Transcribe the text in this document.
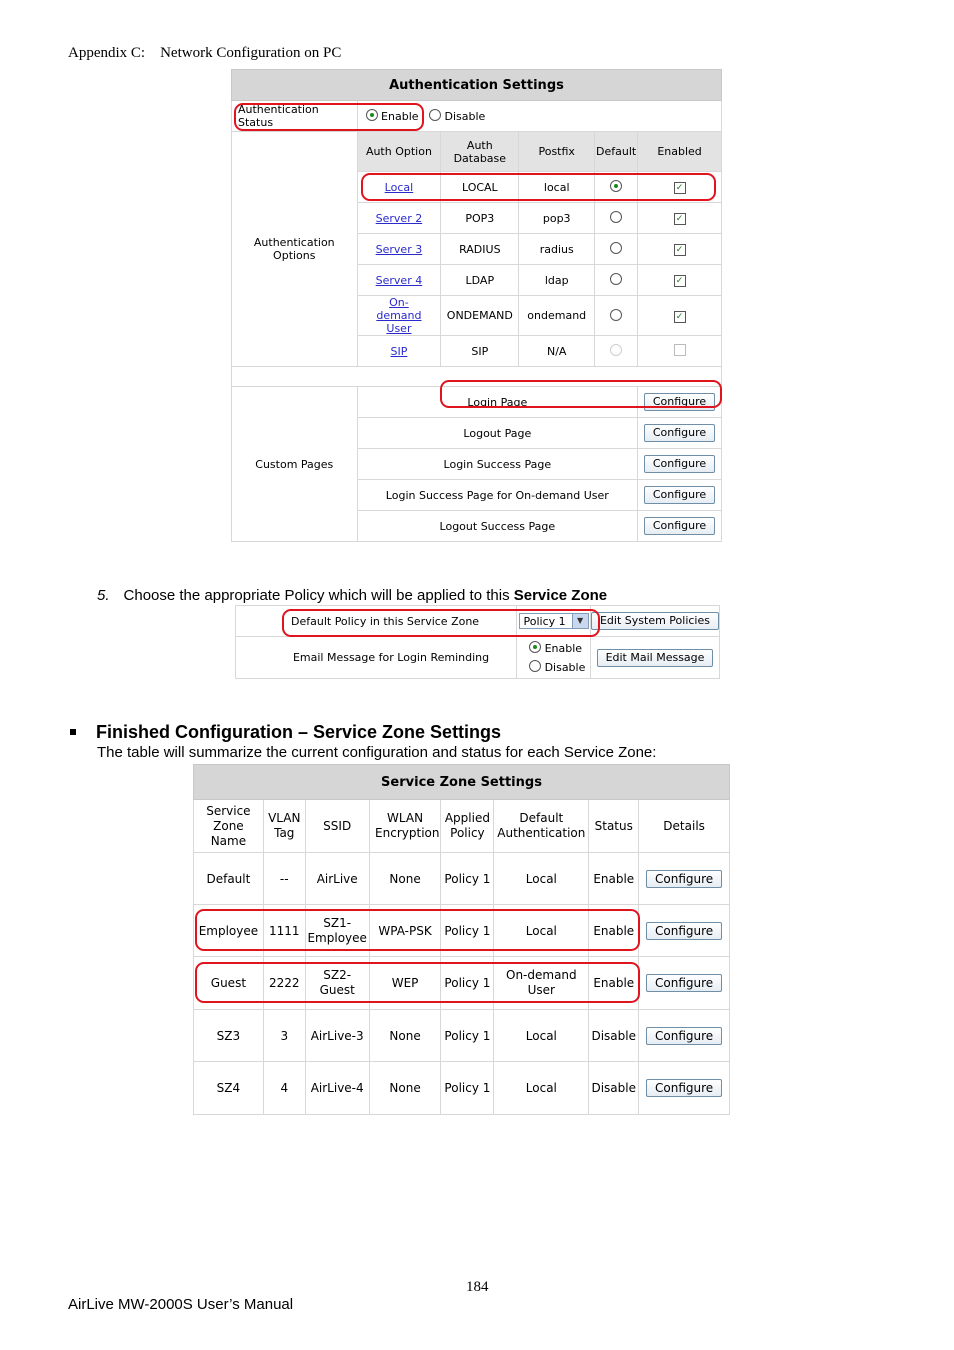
Appendix C:    Network Configuration on PC
Authentication Settings					
Authentication Status	Enable Disable				
Authentication Options	Auth Option	Auth Database	Postfix	Default	Enabled
	Local	LOCAL	local		✓
	Server 2	POP3	pop3		✓
	Server 3	RADIUS	radius		✓
	Server 4	LDAP	ldap		✓
	On-demand User	ONDEMAND	ondemand		✓
	SIP	SIP	N/A		

Custom Pages	Login Page				Configure
	Logout Page				Configure
	Login Success Page				Configure
	Login Success Page for On-demand User				Configure
	Logout Success Page				Configure
5. Choose the appropriate Policy which will be applied to this Service Zone
Default Policy in this Service Zone	Policy 1 ▼	Edit System Policies
Email Message for Login Reminding	Enable
Disable	Edit Mail Message
Finished Configuration – Service Zone Settings
The table will summarize the current configuration and status for each Service Zone:
Service Zone Settings							
Service Zone Name	VLAN Tag	SSID	WLAN Encryption	Applied Policy	Default Authentication	Status	Details
Default	--	AirLive	None	Policy 1	Local	Enable	Configure
Employee	1111	SZ1-Employee	WPA-PSK	Policy 1	Local	Enable	Configure
Guest	2222	SZ2-Guest	WEP	Policy 1	On-demand User	Enable	Configure
SZ3	3	AirLive-3	None	Policy 1	Local	Disable	Configure
SZ4	4	AirLive-4	None	Policy 1	Local	Disable	Configure
184
AirLive MW-2000S User’s Manual
